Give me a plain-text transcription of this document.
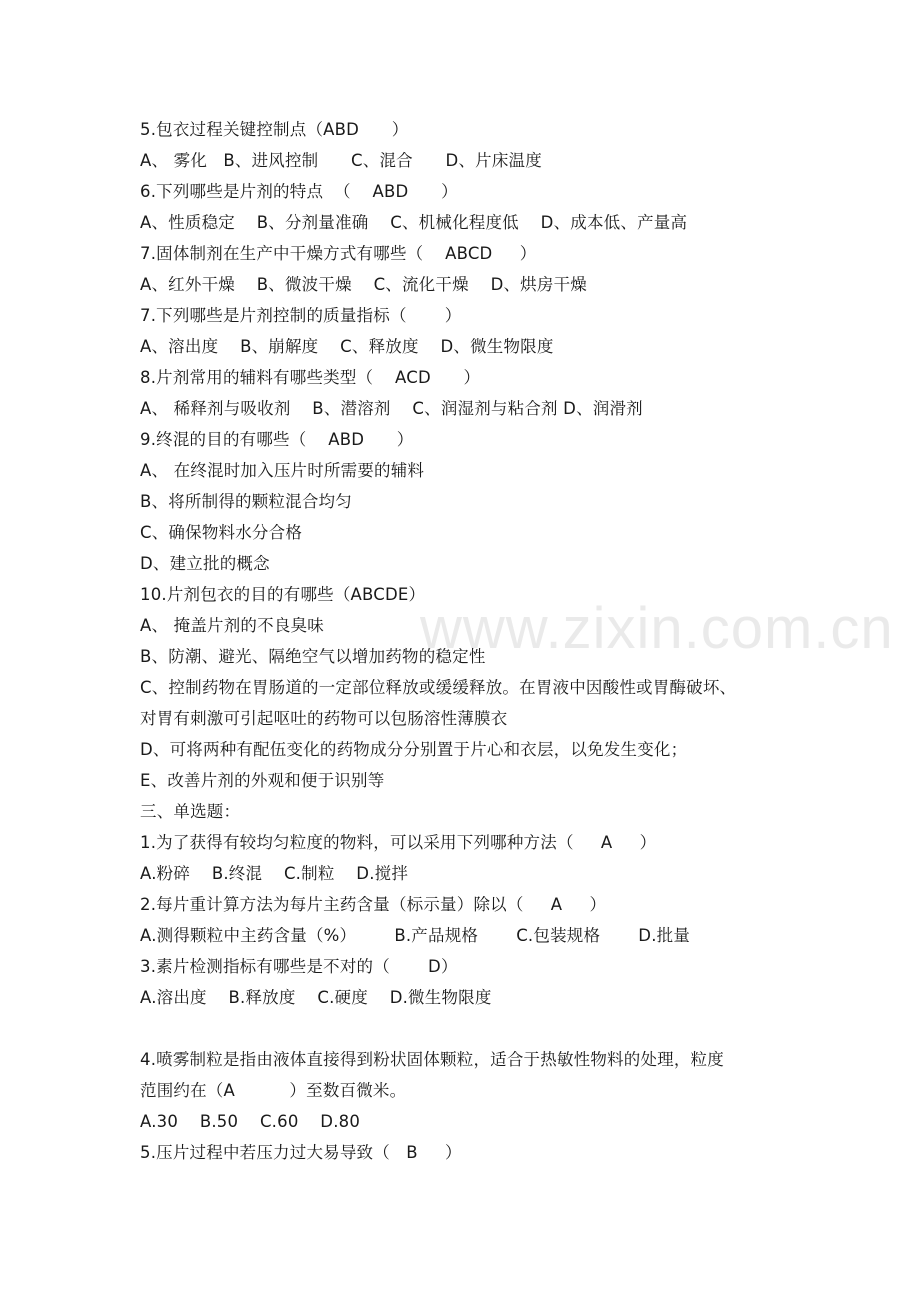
www.zixin.com.cn
5.包衣过程关键控制点（ABD      ）
A、 雾化   B、进风控制      C、混合      D、片床温度
6.下列哪些是片剂的特点  （    ABD      ）
A、性质稳定    B、分剂量准确    C、机械化程度低    D、成本低、产量高
7.固体制剂在生产中干燥方式有哪些（    ABCD     ）
A、红外干燥    B、微波干燥    C、流化干燥    D、烘房干燥
7.下列哪些是片剂控制的质量指标（       ）
A、溶出度    B、崩解度    C、释放度    D、微生物限度
8.片剂常用的辅料有哪些类型（    ACD      ）
A、 稀释剂与吸收剂    B、潜溶剂    C、润湿剂与粘合剂 D、润滑剂
9.终混的目的有哪些（    ABD      ）
A、 在终混时加入压片时所需要的辅料
B、将所制得的颗粒混合均匀
C、确保物料水分合格
D、建立批的概念
10.片剂包衣的目的有哪些（ABCDE）
A、 掩盖片剂的不良臭味
B、防潮、避光、隔绝空气以增加药物的稳定性
C、控制药物在胃肠道的一定部位释放或缓缓释放。在胃液中因酸性或胃酶破坏、
对胃有刺激可引起呕吐的药物可以包肠溶性薄膜衣
D、可将两种有配伍变化的药物成分分别置于片心和衣层，以免发生变化；
E、改善片剂的外观和便于识别等
三、单选题：
1.为了获得有较均匀粒度的物料，可以采用下列哪种方法（     A     ）
A.粉碎    B.终混    C.制粒    D.搅拌
2.每片重计算方法为每片主药含量（标示量）除以（     A     ）
A.测得颗粒中主药含量（%）       B.产品规格       C.包装规格       D.批量
3.素片检测指标有哪些是不对的（       D）
A.溶出度    B.释放度    C.硬度    D.微生物限度
4.喷雾制粒是指由液体直接得到粉状固体颗粒，适合于热敏性物料的处理，粒度
范围约在（A          ）至数百微米。
A.30    B.50    C.60    D.80
5.压片过程中若压力过大易导致（   B     ）
